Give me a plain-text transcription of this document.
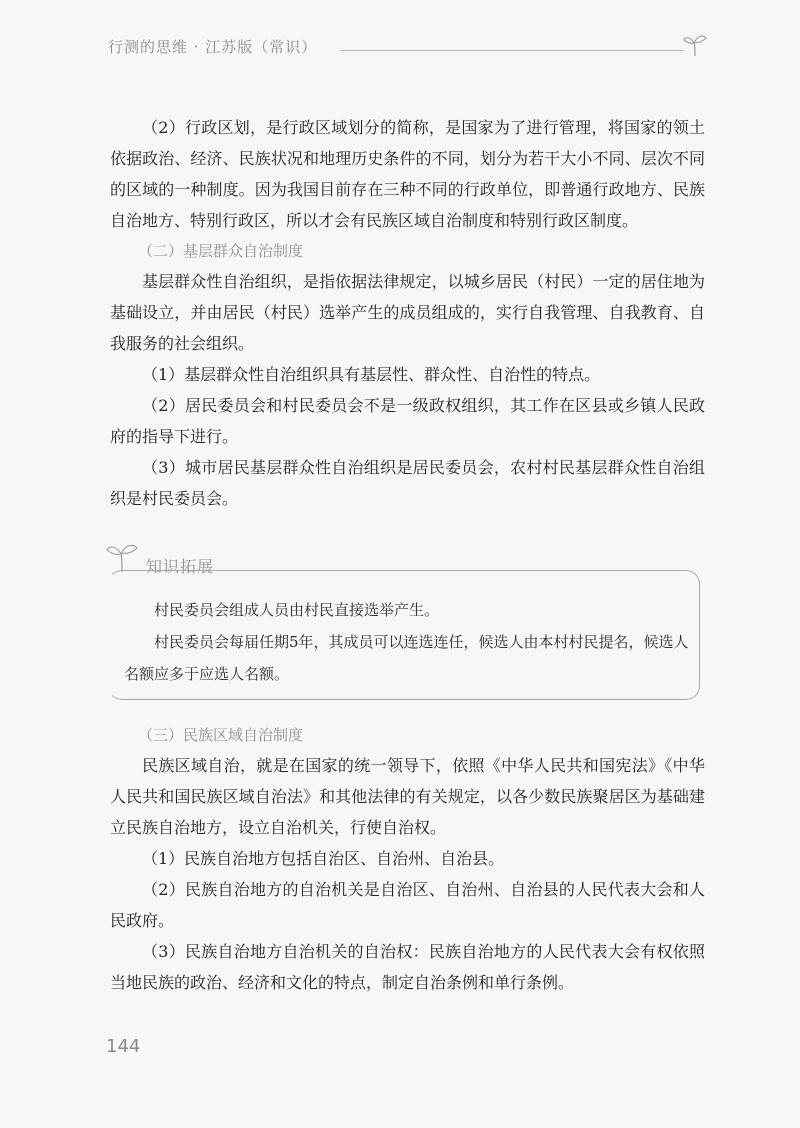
行测的思维 · 江苏版（常识）

（2）行政区划，是行政区域划分的简称，是国家为了进行管理，将国家的领土依据政治、经济、民族状况和地理历史条件的不同，划分为若干大小不同、层次不同的区域的一种制度。因为我国目前存在三种不同的行政单位，即普通行政地方、民族自治地方、特别行政区，所以才会有民族区域自治制度和特别行政区制度。

（二）基层群众自治制度

基层群众性自治组织，是指依据法律规定，以城乡居民（村民）一定的居住地为基础设立，并由居民（村民）选举产生的成员组成的，实行自我管理、自我教育、自我服务的社会组织。

（1）基层群众性自治组织具有基层性、群众性、自治性的特点。

（2）居民委员会和村民委员会不是一级政权组织，其工作在区县或乡镇人民政府的指导下进行。

（3）城市居民基层群众性自治组织是居民委员会，农村村民基层群众性自治组织是村民委员会。

知识拓展

村民委员会组成人员由村民直接选举产生。

村民委员会每届任期5年，其成员可以连选连任，候选人由本村村民提名，候选人名额应多于应选人名额。

（三）民族区域自治制度

民族区域自治，就是在国家的统一领导下，依照《中华人民共和国宪法》《中华人民共和国民族区域自治法》和其他法律的有关规定，以各少数民族聚居区为基础建立民族自治地方，设立自治机关，行使自治权。

（1）民族自治地方包括自治区、自治州、自治县。

（2）民族自治地方的自治机关是自治区、自治州、自治县的人民代表大会和人民政府。

（3）民族自治地方自治机关的自治权：民族自治地方的人民代表大会有权依照当地民族的政治、经济和文化的特点，制定自治条例和单行条例。

144
